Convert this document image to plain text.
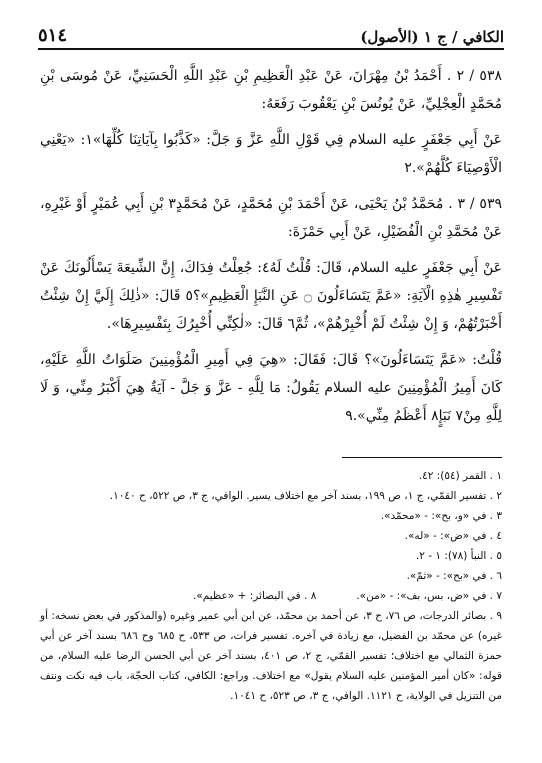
الكافي / ج ١ (الأصول)
٥١٤

٥٣٨ / ٢ . أَحْمَدُ بْنُ مِهْرَانَ، عَنْ عَبْدِ الْعَظِيمِ بْنِ عَبْدِ اللَّهِ الْحَسَنِيِّ، عَنْ مُوسَى بْنِ مُحَمَّدٍ الْعِجْلِيِّ، عَنْ يُونُسَ بْنِ يَعْقُوبَ رَفَعَهُ:

عَنْ أَبِي جَعْفَرٍ عليه السلام فِي قَوْلِ اللَّهِ عَزَّ وَ جَلَّ: «كَذَّبُوا بِآيَاتِنَا كُلِّهَا»١: «يَعْنِي الْأَوْصِيَاءَ كُلَّهُمْ».٢

٥٣٩ / ٣ . مُحَمَّدُ بْنُ يَحْيَى، عَنْ أَحْمَدَ بْنِ مُحَمَّدٍ، عَنْ مُحَمَّدٍ٣ بْنِ أَبِي عُمَيْرٍ أَوْ غَيْرِهِ، عَنْ مُحَمَّدِ بْنِ الْفُضَيْلِ، عَنْ أَبِي حَمْزَةَ:

عَنْ أَبِي جَعْفَرٍ عليه السلام، قَالَ: قُلْتُ لَهُ٤: جُعِلْتُ فِدَاكَ، إِنَّ الشِّيعَةَ يَسْأَلُونَكَ عَنْ تَفْسِيرِ هٰذِهِ الْآيَةِ: «عَمَّ يَتَسَاءَلُونَ ۝ عَنِ النَّبَإِ الْعَظِيمِ»؟٥ قَالَ: «ذٰلِكَ إِلَيَّ إِنْ شِئْتُ أَخْبَرْتُهُمْ، وَ إِنْ شِئْتُ لَمْ أُخْبِرْهُمْ»، ثُمَّ٦ قَالَ: «لٰكِنِّي أُخْبِرُكَ بِتَفْسِيرِهَا».

قُلْتُ: «عَمَّ يَتَسَاءَلُونَ»؟ قَالَ: فَقَالَ: «هِيَ فِي أَمِيرِ الْمُؤْمِنِينَ صَلَوَاتُ اللَّهِ عَلَيْهِ، كَانَ أَمِيرُ الْمُؤْمِنِينَ عليه السلام يَقُولُ: مَا لِلَّهِ - عَزَّ وَ جَلَّ - آيَةٌ هِيَ أَكْبَرُ مِنِّي، وَ لَا لِلَّهِ مِنْ٧ نَبَإٍ٨ أَعْظَمُ مِنِّي».٩

١ . القمر (٥٤): ٤٢.

٢ . تفسير القمّي، ج ١، ص ١٩٩، بسند آخر مع اختلاف يسير. الوافي، ج ٣، ص ٥٢٢، ح ١٠٤٠.

٣ . في «و، بح»: - «محمّد».

٤ . في «ض»: - «له».

٥ . النبأ (٧٨): ١ - ٢.

٦ . في «بح»: - «ثمّ».

٧ . في «ض، بس، بف»: - «من».
٨ . في البصائر: + «عظيم».

٩ . بصائر الدرجات، ص ٧٦، ح ٣، عن أحمد بن محمّد، عن ابن أبي عمير وغيره (والمذكور في بعض نسخه: أو غيره) عن محمّد بن الفضيل، مع زيادة في آخره. تفسير فرات، ص ٥٣٣، ح ٦٨٥ وح ٦٨٦ بسند آخر عن أبي حمزة الثمالي مع اختلاف؛ تفسير القمّي، ج ٢، ص ٤٠١، بسند آخر عن أبي الحسن الرضا عليه السلام، من قوله: «كان أمير المؤمنين عليه السلام يقول» مع اختلاف. وراجع: الكافي، كتاب الحجّة، باب فيه نكت ونتف من التنزيل في الولاية، ح ١١٢١. الوافي، ج ٣، ص ٥٢٣، ح ١٠٤١.
